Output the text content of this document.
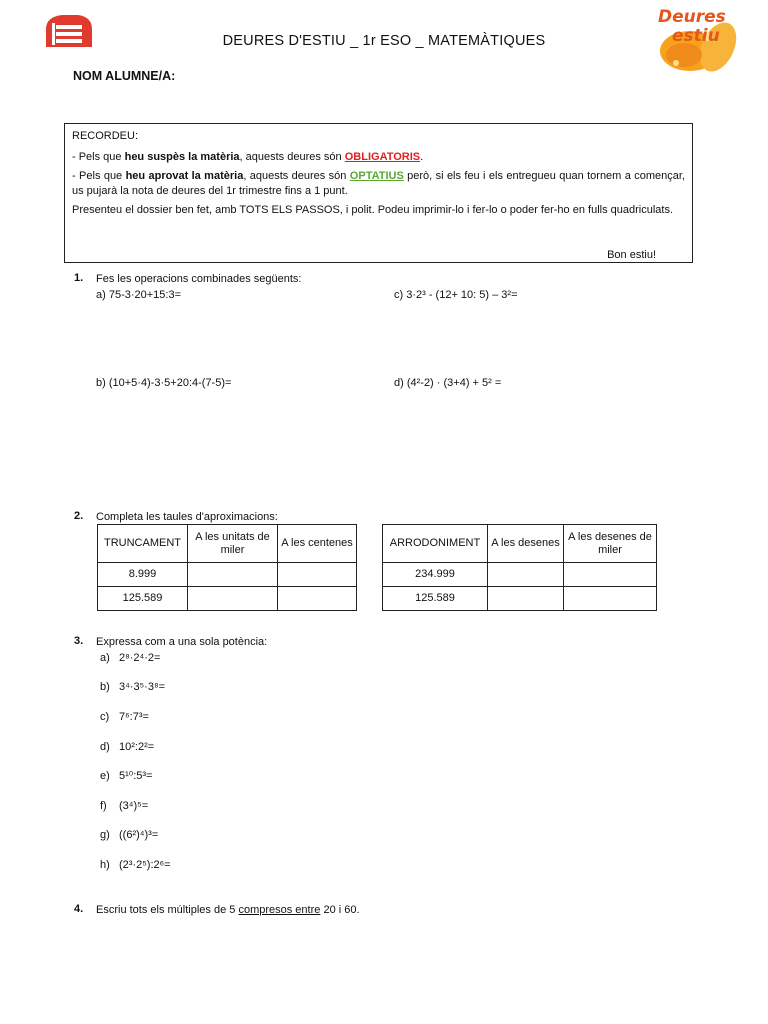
DEURES D'ESTIU _ 1r ESO _ MATEMÀTIQUES
Deures
estiu
NOM ALUMNE/A:

RECORDEU:

- Pels que heu suspès la matèria, aquests deures són OBLIGATORIS.

- Pels que heu aprovat la matèria, aquests deures són OPTATIUS però, si els feu i els entregueu quan tornem a començar, us pujarà la nota de deures del 1r trimestre fins a 1 punt.

Presenteu el dossier ben fet, amb TOTS ELS PASSOS, i polit. Podeu imprimir-lo i fer-lo o poder fer-ho en fulls quadriculats.

Bon estiu!
1. Fes les operacions combinades següents:
a) 75-3·20+15:3=	c) 3·2³ - (12+ 10: 5) – 3²=
b) (10+5·4)-3·5+20:4-(7-5)=	d) (4²-2) · (3+4) + 5² =
2. Completa les taules d'aproximacions:
TRUNCAMENT	A les unitats de miler	A les centenes
8.999		
125.589		
ARRODONIMENT	A les desenes	A les desenes de miler
234.999		
125.589		
3. Expressa com a una sola potència:
a) 2⁸·2⁴·2=
b) 3⁴·3⁵·3⁸=
c) 7⁶:7³=
d) 10²:2²=
e) 5¹⁰:5³=
f) (3⁴)⁵=
g) ((6²)⁴)³=
h) (2³·2⁵):2⁶=
4. Escriu tots els múltiples de 5 compresos entre 20 i 60.
